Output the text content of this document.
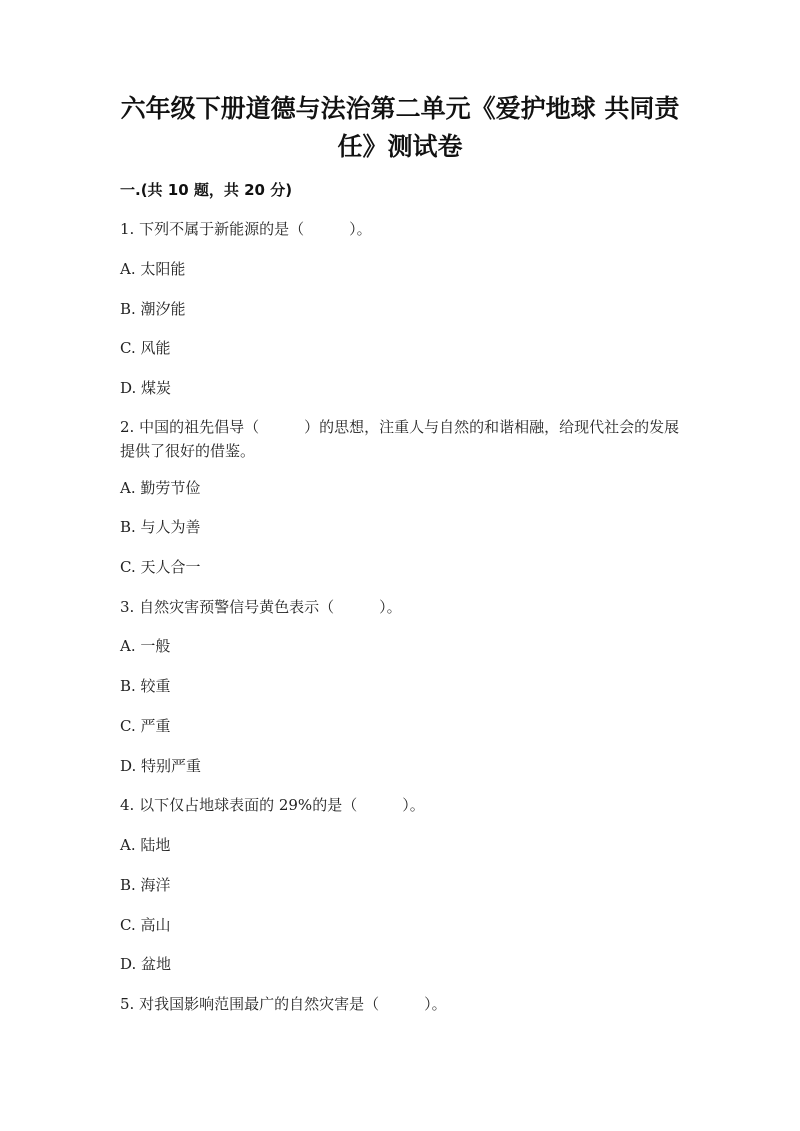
六年级下册道德与法治第二单元《爱护地球 共同责
任》测试卷
一.(共 10 题，共 20 分)
1. 下列不属于新能源的是（　　　）。
A. 太阳能
B. 潮汐能
C. 风能
D. 煤炭
2. 中国的祖先倡导（　　　）的思想，注重人与自然的和谐相融，给现代社会的发展提供了很好的借鉴。
A. 勤劳节俭
B. 与人为善
C. 天人合一
3. 自然灾害预警信号黄色表示（　　　）。
A. 一般
B. 较重
C. 严重
D. 特别严重
4. 以下仅占地球表面的 29%的是（　　　）。
A. 陆地
B. 海洋
C. 高山
D. 盆地
5. 对我国影响范围最广的自然灾害是（　　　）。
